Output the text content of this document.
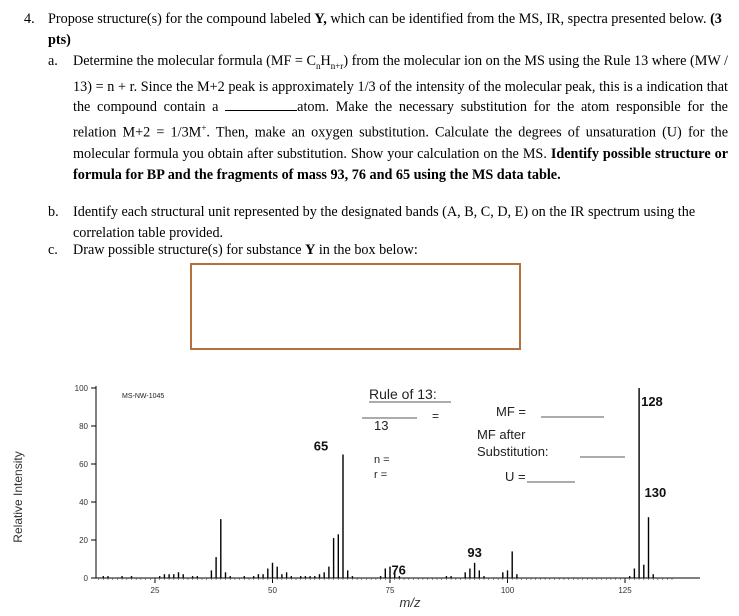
4. Propose structure(s) for the compound labeled Y, which can be identified from the MS, IR, spectra presented below. (3 pts)
a.	Determine the molecular formula $(MF = C_nH_{n+r})$ from the molecular ion on the MS using the Rule 13 where (MW / 13) = n + r. Since the M+2 peak is approximately 1/3 of the intensity of the molecular peak, this is a indication that the compound contain a	atom. Make the necessary substitution for the atom responsible for the relation M+2 = 1/3M+. Then, make an oxygen substitution. Calculate the degrees of unsaturation (U) for the molecular formula you obtain after substitution. Show your calculation on the MS. Identify possible structure or formula for BP and the fragments of mass 93, 76 and 65 using the MS data table.
b.	Identify each structural unit represented by the designated bands (A, B, C, D, E) on the IR spectrum using the correlation table provided.
c.	Draw possible structure(s) for substance Y in the box below:
Relative Intensity
MS-NW-1045
0
20
40
60
80
100
25	50	75	100	125
65
76
93
128
130
m/z
Rule of 13:
=
13
n =
r =
MF =
MF after
Substitution:
U =
